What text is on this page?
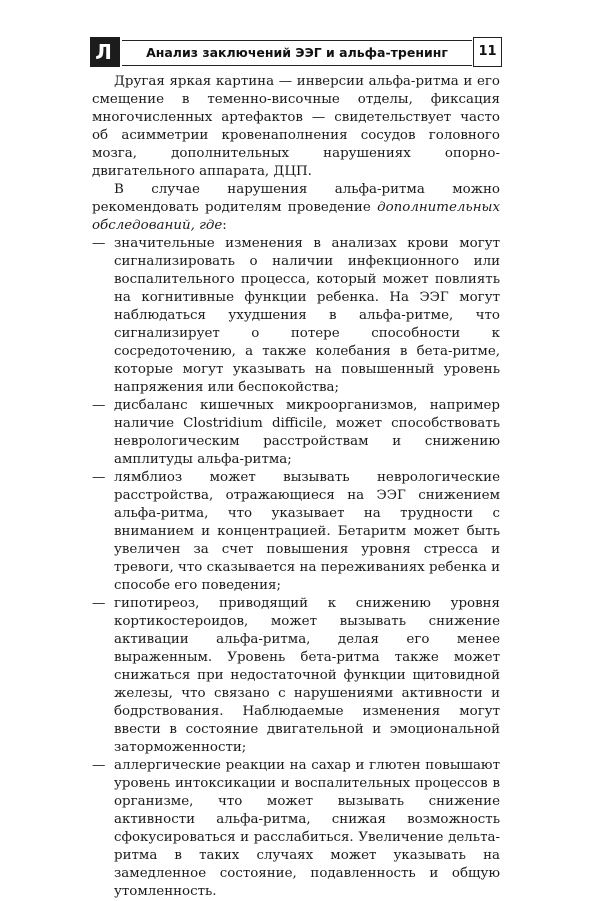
Л	Анализ заключений ЭЭГ и альфа-тренинг	11

Другая яркая картина — инверсии альфа-ритма и его смещение в теменно-височные отделы, фиксация многочисленных артефактов — свидетельствует часто об асимметрии кровенаполнения сосудов головного мозга, дополнительных нарушениях опорно-двигательного аппарата, ДЦП.

В случае нарушения альфа-ритма можно рекомендовать родителям проведение дополнительных обследований, где:

— значительные изменения в анализах крови могут сигнализировать о наличии инфекционного или воспалительного процесса, который может повлиять на когнитивные функции ребенка. На ЭЭГ могут наблюдаться ухудшения в альфа-ритме, что сигнализирует о потере способности к сосредоточению, а также колебания в бета-ритме, которые могут указывать на повышенный уровень напряжения или беспокойства;
— дисбаланс кишечных микроорганизмов, например наличие Clostridium difficile, может способствовать неврологическим расстройствам и снижению амплитуды альфа-ритма;
— лямблиоз может вызывать неврологические расстройства, отражающиеся на ЭЭГ снижением альфа-ритма, что указывает на трудности с вниманием и концентрацией. Бетаритм может быть увеличен за счет повышения уровня стресса и тревоги, что сказывается на переживаниях ребенка и способе его поведения;
— гипотиреоз, приводящий к снижению уровня кортикостероидов, может вызывать снижение активации альфа-ритма, делая его менее выраженным. Уровень бета-ритма также может снижаться при недостаточной функции щитовидной железы, что связано с нарушениями активности и бодрствования. Наблюдаемые изменения могут ввести в состояние двигательной и эмоциональной заторможенности;
— аллергические реакции на сахар и глютен повышают уровень интоксикации и воспалительных процессов в организме, что может вызывать снижение активности альфа-ритма, снижая возможность сфокусироваться и расслабиться. Увеличение дельта-ритма в таких случаях может указывать на замедленное состояние, подавленность и общую утомленность.
